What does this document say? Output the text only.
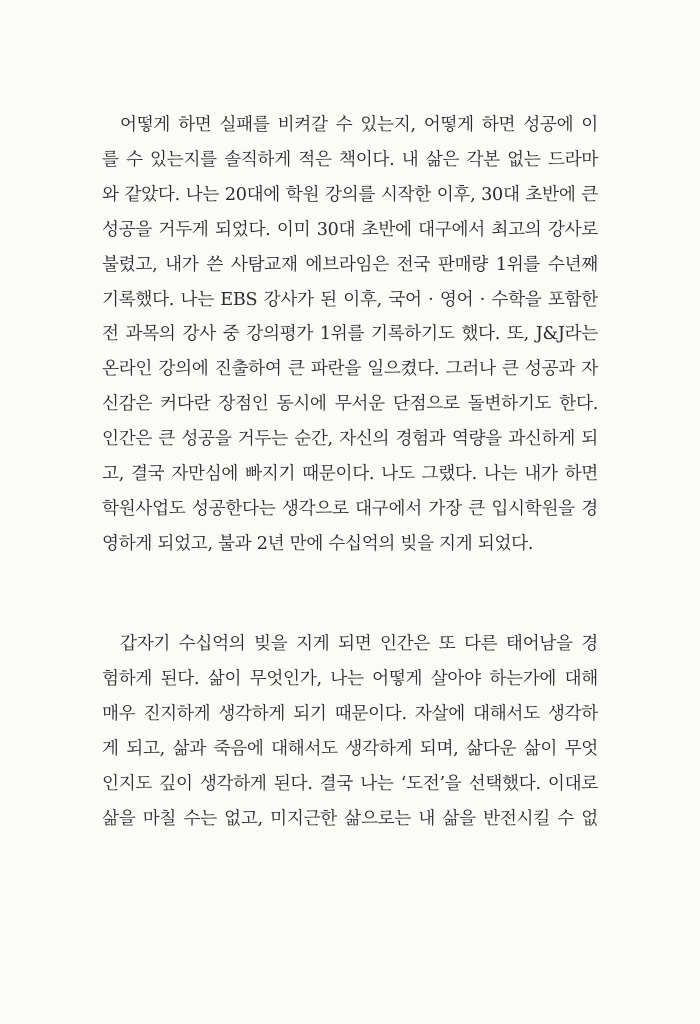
어떻게 하면 실패를 비켜갈 수 있는지, 어떻게 하면 성공에 이
를 수 있는지를 솔직하게 적은 책이다. 내 삶은 각본 없는 드라마
와 같았다. 나는 20대에 학원 강의를 시작한 이후, 30대 초반에 큰
성공을 거두게 되었다. 이미 30대 초반에 대구에서 최고의 강사로
불렸고, 내가 쓴 사탐교재 에브라임은 전국 판매량 1위를 수년째
기록했다. 나는 EBS 강사가 된 이후, 국어 · 영어 · 수학을 포함한
전 과목의 강사 중 강의평가 1위를 기록하기도 했다. 또, J&J라는
온라인 강의에 진출하여 큰 파란을 일으켰다. 그러나 큰 성공과 자
신감은 커다란 장점인 동시에 무서운 단점으로 돌변하기도 한다.
인간은 큰 성공을 거두는 순간, 자신의 경험과 역량을 과신하게 되
고, 결국 자만심에 빠지기 때문이다. 나도 그랬다. 나는 내가 하면
학원사업도 성공한다는 생각으로 대구에서 가장 큰 입시학원을 경
영하게 되었고, 불과 2년 만에 수십억의 빚을 지게 되었다.
갑자기 수십억의 빚을 지게 되면 인간은 또 다른 태어남을 경
험하게 된다. 삶이 무엇인가, 나는 어떻게 살아야 하는가에 대해
매우 진지하게 생각하게 되기 때문이다. 자살에 대해서도 생각하
게 되고, 삶과 죽음에 대해서도 생각하게 되며, 삶다운 삶이 무엇
인지도 깊이 생각하게 된다. 결국 나는 ‘도전’을 선택했다. 이대로
삶을 마칠 수는 없고, 미지근한 삶으로는 내 삶을 반전시킬 수 없
